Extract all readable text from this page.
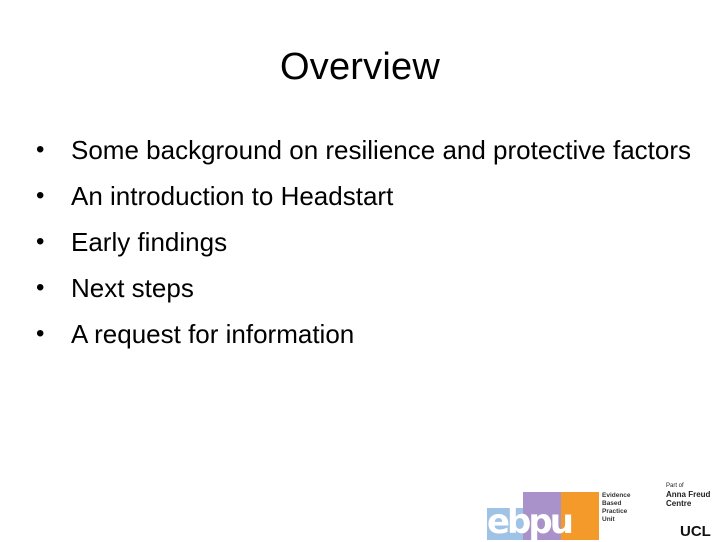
Overview
•	Some background on resilience and protective factors
•	An introduction to Headstart
•	Early findings
•	Next steps
•	A request for information
ebpu
Evidence
Based
Practice
Unit
Part of
Anna Freud
Centre
UCL
